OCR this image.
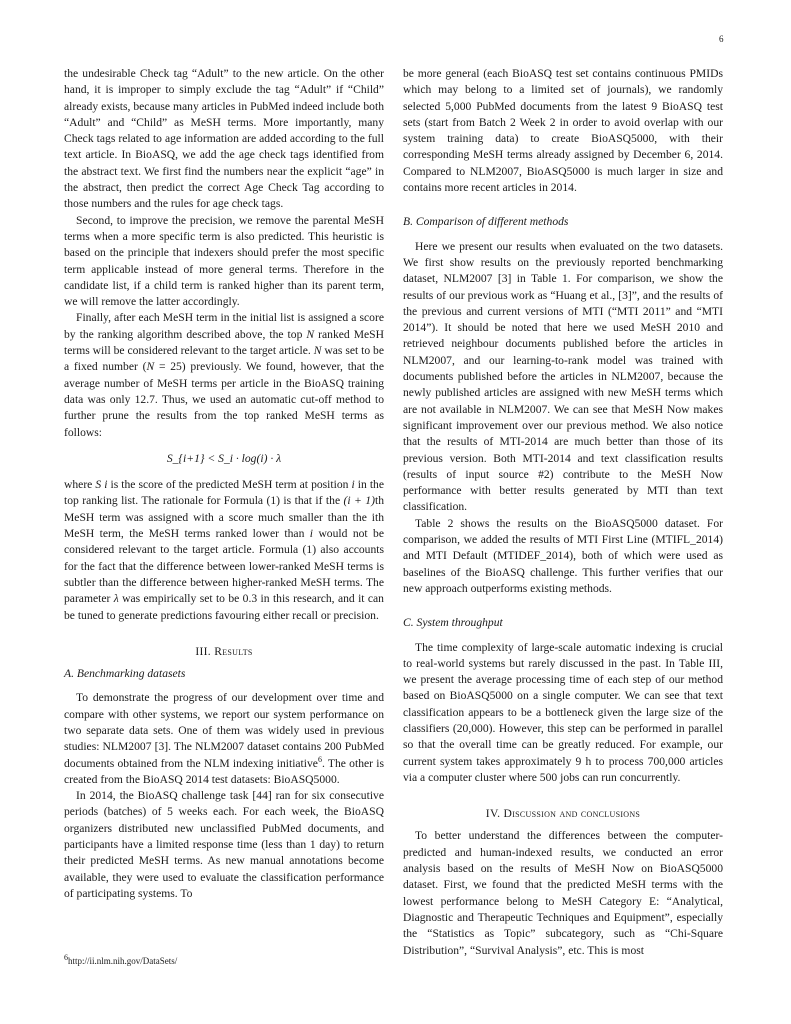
6

the undesirable Check tag “Adult” to the new article. On the other hand, it is improper to simply exclude the tag “Adult” if “Child” already exists, because many articles in PubMed indeed include both “Adult” and “Child” as MeSH terms. More importantly, many Check tags related to age information are added according to the full text article. In BioASQ, we add the age check tags identified from the abstract text. We first find the numbers near the explicit “age” in the abstract, then predict the correct Age Check Tag according to those numbers and the rules for age check tags.

Second, to improve the precision, we remove the parental MeSH terms when a more specific term is also predicted. This heuristic is based on the principle that indexers should prefer the most specific term applicable instead of more general terms. Therefore in the candidate list, if a child term is ranked higher than its parent term, we will remove the latter accordingly.

Finally, after each MeSH term in the initial list is assigned a score by the ranking algorithm described above, the top N ranked MeSH terms will be considered relevant to the target article. N was set to be a fixed number (N = 25) previously. We found, however, that the average number of MeSH terms per article in the BioASQ training data was only 12.7. Thus, we used an automatic cut-off method to further prune the results from the top ranked MeSH terms as follows:

S_{i+1} < S_i · log(i) · λ

where S i is the score of the predicted MeSH term at position i in the top ranking list. The rationale for Formula (1) is that if the (i + 1)th MeSH term was assigned with a score much smaller than the ith MeSH term, the MeSH terms ranked lower than i would not be considered relevant to the target article. Formula (1) also accounts for the fact that the difference between lower-ranked MeSH terms is subtler than the difference between higher-ranked MeSH terms. The parameter λ was empirically set to be 0.3 in this research, and it can be tuned to generate predictions favouring either recall or precision.

III. Results
A. Benchmarking datasets

To demonstrate the progress of our development over time and compare with other systems, we report our system performance on two separate data sets. One of them was widely used in previous studies: NLM2007 [3]. The NLM2007 dataset contains 200 PubMed documents obtained from the NLM indexing initiative$^6$. The other is created from the BioASQ 2014 test datasets: BioASQ5000.

In 2014, the BioASQ challenge task [44] ran for six consecutive periods (batches) of 5 weeks each. For each week, the BioASQ organizers distributed new unclassified PubMed documents, and participants have a limited response time (less than 1 day) to return their predicted MeSH terms. As new manual annotations become available, they were used to evaluate the classification performance of participating systems. To

be more general (each BioASQ test set contains continuous PMIDs which may belong to a limited set of journals), we randomly selected 5,000 PubMed documents from the latest 9 BioASQ test sets (start from Batch 2 Week 2 in order to avoid overlap with our system training data) to create BioASQ5000, with their corresponding MeSH terms already assigned by December 6, 2014. Compared to NLM2007, BioASQ5000 is much larger in size and contains more recent articles in 2014.

B. Comparison of different methods

Here we present our results when evaluated on the two datasets. We first show results on the previously reported benchmarking dataset, NLM2007 [3] in Table 1. For comparison, we show the results of our previous work as “Huang et al., [3]”, and the results of the previous and current versions of MTI (“MTI 2011” and “MTI 2014”). It should be noted that here we used MeSH 2010 and retrieved neighbour documents published before the articles in NLM2007, and our learning-to-rank model was trained with documents published before the articles in NLM2007, because the newly published articles are assigned with new MeSH terms which are not available in NLM2007. We can see that MeSH Now makes significant improvement over our previous method. We also notice that the results of MTI-2014 are much better than those of its previous version. Both MTI-2014 and text classification results (results of input source #2) contribute to the MeSH Now performance with better results generated by MTI than text classification.

Table 2 shows the results on the BioASQ5000 dataset. For comparison, we added the results of MTI First Line (MTIFL_2014) and MTI Default (MTIDEF_2014), both of which were used as baselines of the BioASQ challenge. This further verifies that our new approach outperforms existing methods.

C. System throughput

The time complexity of large-scale automatic indexing is crucial to real-world systems but rarely discussed in the past. In Table III, we present the average processing time of each step of our method based on BioASQ5000 on a single computer. We can see that text classification appears to be a bottleneck given the large size of the classifiers (20,000). However, this step can be performed in parallel so that the overall time can be greatly reduced. For example, our current system takes approximately 9 h to process 700,000 articles via a computer cluster where 500 jobs can run concurrently.

IV. Discussion and conclusions

To better understand the differences between the computer-predicted and human-indexed results, we conducted an error analysis based on the results of MeSH Now on BioASQ5000 dataset. First, we found that the predicted MeSH terms with the lowest performance belong to MeSH Category E: “Analytical, Diagnostic and Therapeutic Techniques and Equipment”, especially the “Statistics as Topic” subcategory, such as “Chi-Square Distribution”, “Survival Analysis”, etc. This is most

$^6$http://ii.nlm.nih.gov/DataSets/
